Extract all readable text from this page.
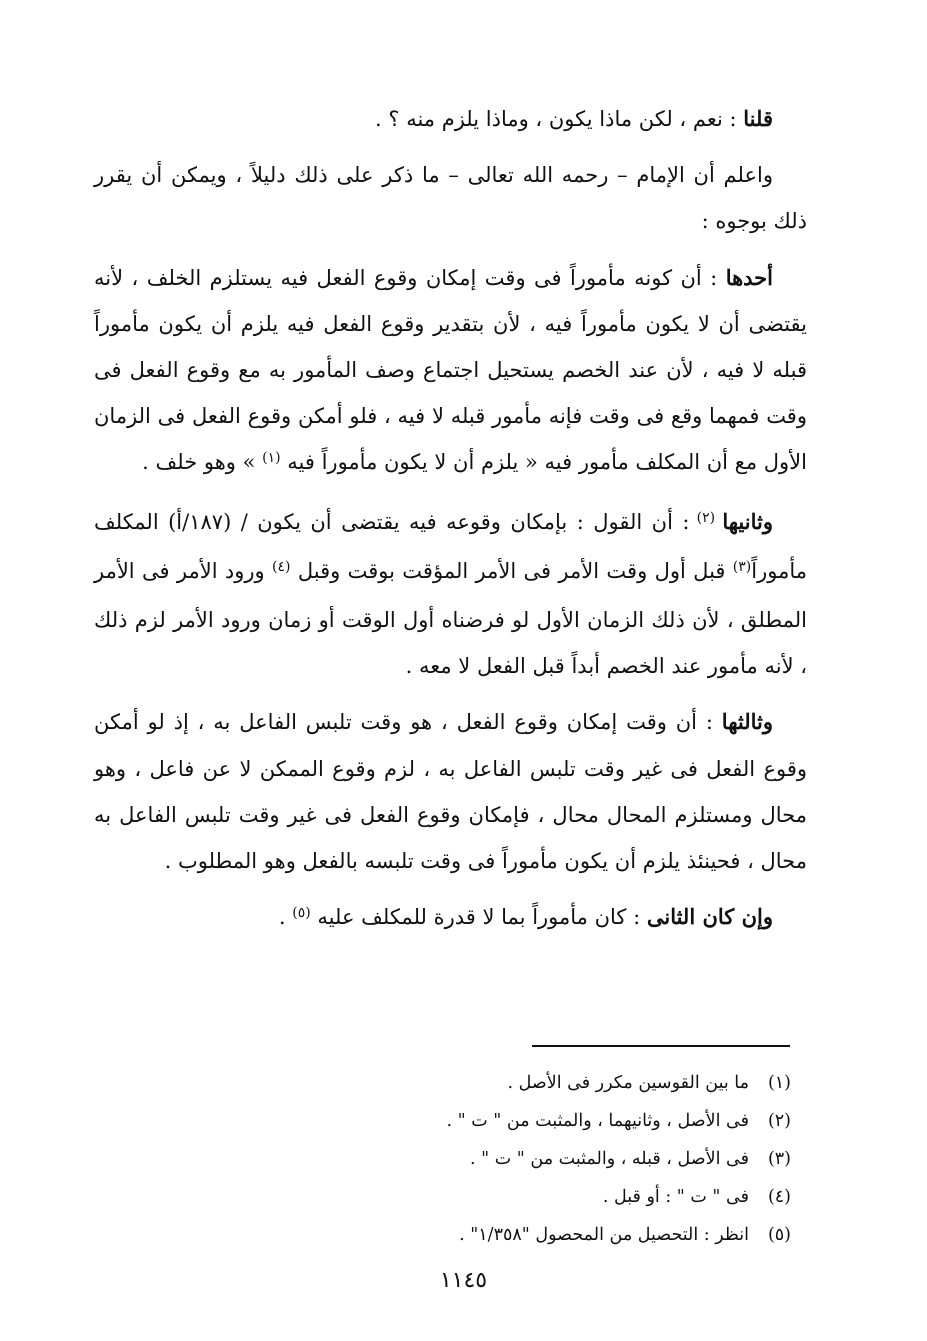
قلنا : نعم ، لكن ماذا يكون ، وماذا يلزم منه ؟ .

واعلم أن الإمام – رحمه الله تعالى – ما ذكر على ذلك دليلاً ، ويمكن أن يقرر ذلك بوجوه :

أحدها : أن كونه مأموراً فى وقت إمكان وقوع الفعل فيه يستلزم الخلف ، لأنه يقتضى أن لا يكون مأموراً فيه ، لأن بتقدير وقوع الفعل فيه يلزم أن يكون مأموراً قبله لا فيه ، لأن عند الخصم يستحيل اجتماع وصف المأمور به مع وقوع الفعل فى وقت فمهما وقع فى وقت فإنه مأمور قبله لا فيه ، فلو أمكن وقوع الفعل فى الزمان الأول مع أن المكلف مأمور فيه « يلزم أن لا يكون مأموراً فيه $^{(١)}$ » وهو خلف .

وثانيها $^{(٢)}$ : أن القول : بإمكان وقوعه فيه يقتضى أن يكون / (١٨٧/أ) المكلف مأموراً$^{(٣)}$ قبل أول وقت الأمر فى الأمر المؤقت بوقت وقبل $^{(٤)}$ ورود الأمر فى الأمر المطلق ، لأن ذلك الزمان الأول لو فرضناه أول الوقت أو زمان ورود الأمر لزم ذلك ، لأنه مأمور عند الخصم أبداً قبل الفعل لا معه .

وثالثها : أن وقت إمكان وقوع الفعل ، هو وقت تلبس الفاعل به ، إذ لو أمكن وقوع الفعل فى غير وقت تلبس الفاعل به ، لزم وقوع الممكن لا عن فاعل ، وهو محال ومستلزم المحال محال ، فإمكان وقوع الفعل فى غير وقت تلبس الفاعل به محال ، فحينئذ يلزم أن يكون مأموراً فى وقت تلبسه بالفعل وهو المطلوب .

وإن كان الثانى : كان مأموراً بما لا قدرة للمكلف عليه $^{(٥)}$ .

(١)ما بين القوسين مكرر فى الأصل .
(٢)فى الأصل ، وثانيهما ، والمثبت من " ت " .
(٣)فى الأصل ، قبله ، والمثبت من " ت " .
(٤)فى " ت " : أو قبل .
(٥)انظر : التحصيل من المحصول "١/٣٥٨" .
١١٤٥
